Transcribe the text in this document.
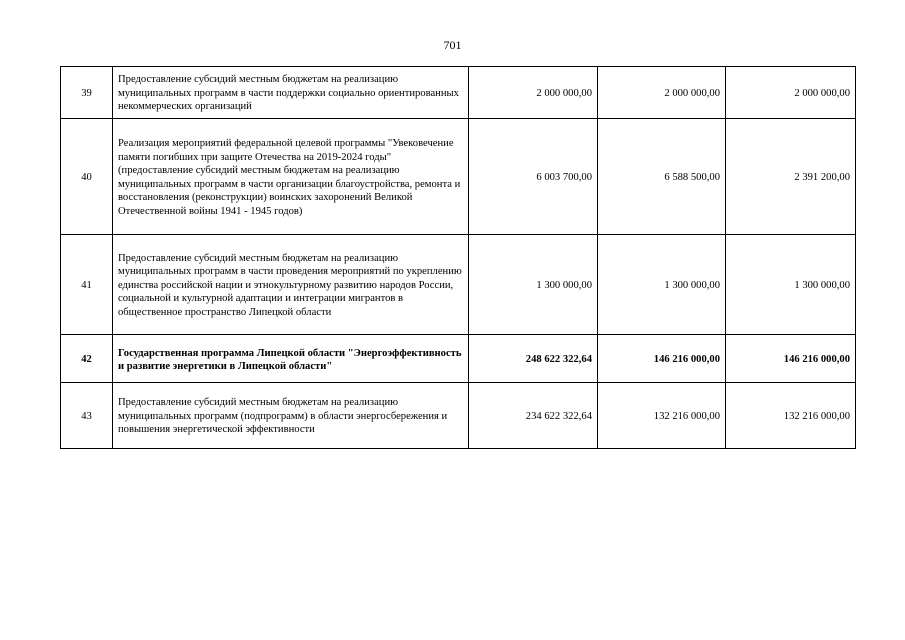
701
39	Предоставление субсидий местным бюджетам на реализацию муниципальных программ в части поддержки социально ориентированных некоммерческих организаций	2 000 000,00	2 000 000,00	2 000 000,00
40	Реализация мероприятий федеральной целевой программы "Увековечение памяти погибших при защите Отечества на 2019-2024 годы" (предоставление субсидий местным бюджетам на реализацию муниципальных программ в части организации благоустройства, ремонта и восстановления (реконструкции) воинских захоронений Великой Отечественной войны 1941 - 1945 годов)	6 003 700,00	6 588 500,00	2 391 200,00
41	Предоставление субсидий местным бюджетам на реализацию муниципальных программ в части проведения мероприятий по укреплению единства российской нации и этнокультурному развитию народов России, социальной и культурной адаптации и интеграции мигрантов в общественное пространство Липецкой области	1 300 000,00	1 300 000,00	1 300 000,00
42	Государственная программа Липецкой области "Энергоэффективность и развитие энергетики в Липецкой области"	248 622 322,64	146 216 000,00	146 216 000,00
43	Предоставление субсидий местным бюджетам на реализацию муниципальных программ (подпрограмм) в области энергосбережения и повышения энергетической эффективности	234 622 322,64	132 216 000,00	132 216 000,00
